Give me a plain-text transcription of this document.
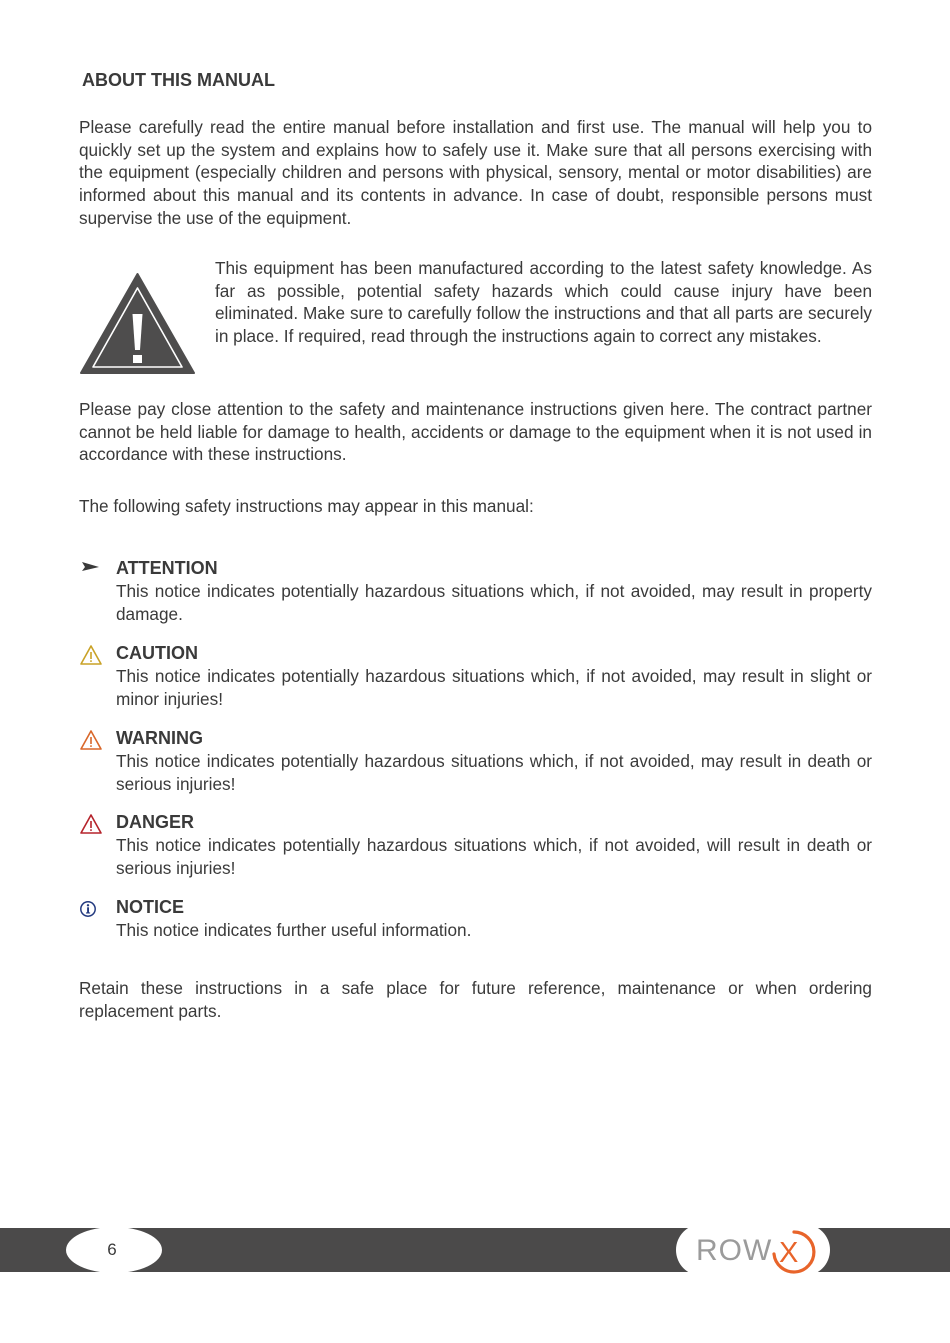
ABOUT THIS MANUAL

Please carefully read the entire manual before installation and first use. The manual will help you to quickly set up the system and explains how to safely use it. Make sure that all persons exercising with the equipment (especially children and persons with physical, sensory, mental or motor disabilities) are informed about this manual and its contents in advance. In case of doubt, responsible persons must supervise the use of the equipment.

This equipment has been manufactured according to the latest safety knowledge. As far as possible, potential safety hazards which could cause injury have been eliminated. Make sure to carefully follow the instructions and that all parts are securely in place. If required, read through the instructions again to correct any mistakes.

Please pay close attention to the safety and maintenance instructions given here. The contract partner cannot be held liable for damage to health, accidents or damage to the equipment when it is not used in accordance with these instructions.

The following safety instructions may appear in this manual:

ATTENTION

This notice indicates potentially hazardous situations which, if not avoided, may result in property damage.

CAUTION

This notice indicates potentially hazardous situations which, if not avoided, may result in slight or minor injuries!

WARNING

This notice indicates potentially hazardous situations which, if not avoided, may result in death or serious injuries!

DANGER

This notice indicates potentially hazardous situations which, if not avoided, will result in death or serious injuries!

NOTICE

This notice indicates further useful information.

Retain these instructions in a safe place for future reference, maintenance or when ordering replacement parts.

6	X
ROW
